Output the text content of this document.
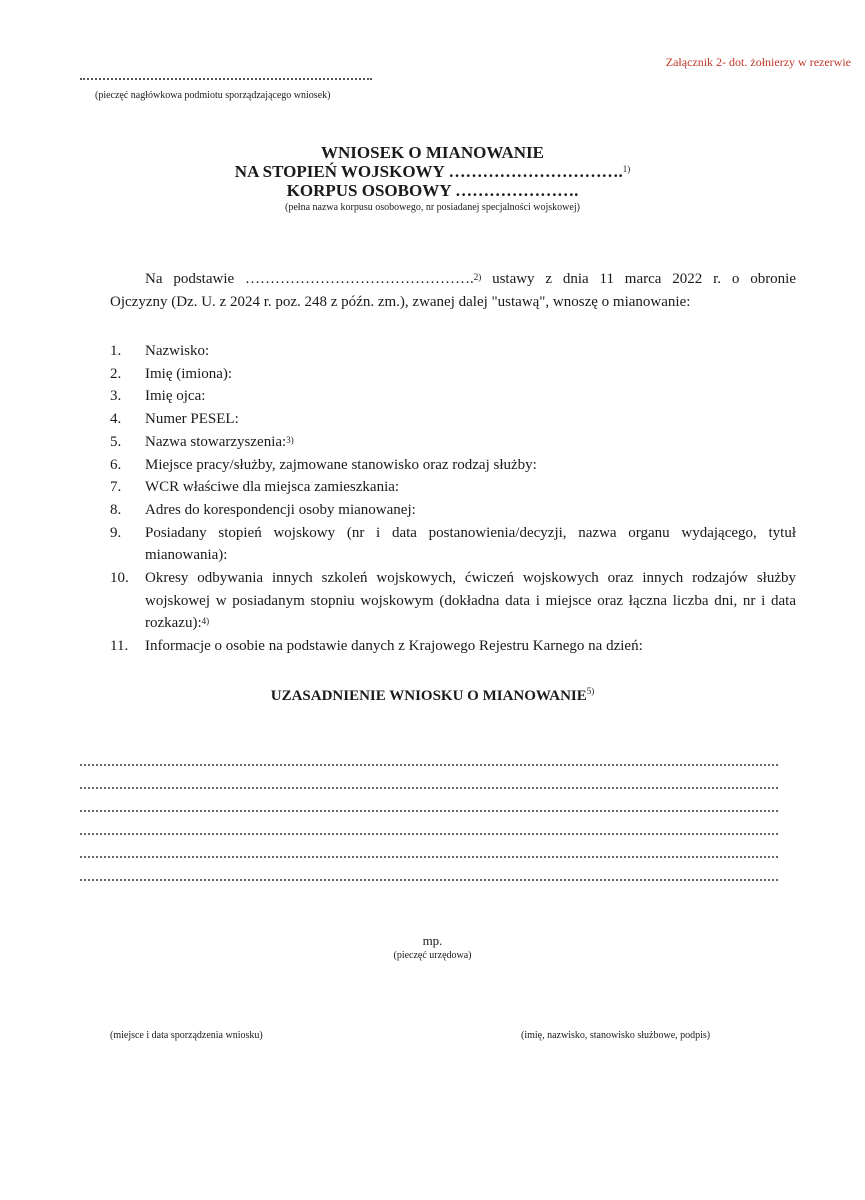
Załącznik 2- dot. żołnierzy w rezerwie
(pieczęć nagłówkowa podmiotu sporządzającego wniosek)
WNIOSEK O MIANOWANIE
NA STOPIEŃ WOJSKOWY ………………………….$^{1)}$
KORPUS OSOBOWY ………………….
(pełna nazwa korpusu osobowego, nr posiadanej specjalności wojskowej)
Na podstawie ……………………………………….$^{2)}$ ustawy z dnia 11 marca 2022 r. o obronie
Ojczyzny (Dz. U. z 2024 r. poz. 248 z późn. zm.), zwanej dalej "ustawą", wnoszę o mianowanie:
1.	Nazwisko:
2.	Imię (imiona):
3.	Imię ojca:
4.	Numer PESEL:
5.	Nazwa stowarzyszenia:$^{3)}$
6.	Miejsce pracy/służby, zajmowane stanowisko oraz rodzaj służby:
7.	WCR właściwe dla miejsca zamieszkania:
8.	Adres do korespondencji osoby mianowanej:
9.	Posiadany stopień wojskowy (nr i data postanowienia/decyzji, nazwa organu wydającego, tytuł mianowania):
10.	Okresy odbywania innych szkoleń wojskowych, ćwiczeń wojskowych oraz innych rodzajów służby wojskowej w posiadanym stopniu wojskowym (dokładna data i miejsce oraz łączna liczba dni, nr i data rozkazu):$^{4)}$
11.	Informacje o osobie na podstawie danych z Krajowego Rejestru Karnego na dzień:
UZASADNIENIE WNIOSKU O MIANOWANIE$^{5)}$
mp.
(pieczęć urzędowa)
(miejsce i data sporządzenia wniosku)	(imię, nazwisko, stanowisko służbowe, podpis)
